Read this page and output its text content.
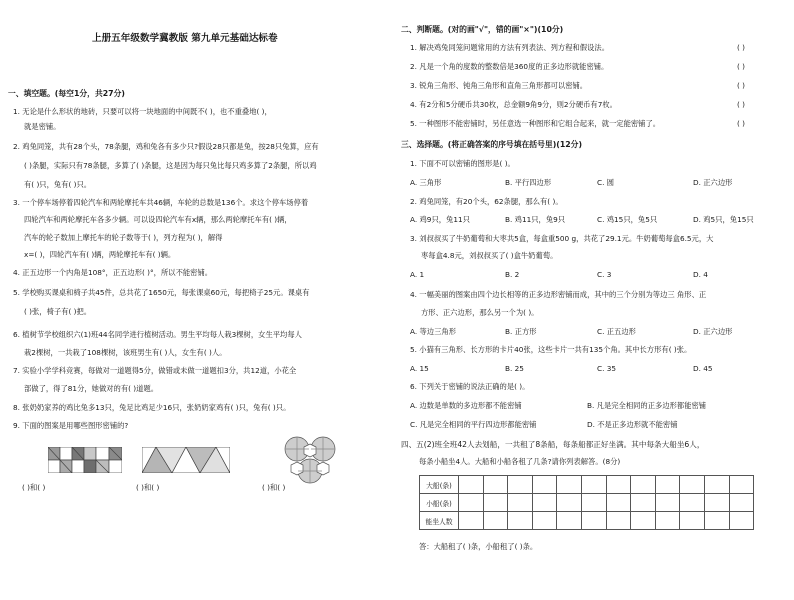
上册五年级数学冀教版 第九单元基础达标卷
一、填空题。(每空1分，共27分)
1. 无论是什么形状的地砖，只要可以将一块地面的中间既不( )，也不重叠地( )，
就是密铺。
2. 鸡兔同笼，共有28个头，78条腿，鸡和兔各有多少只?假设28只都是兔，按28只兔算，应有
( )条腿，实际只有78条腿，多算了( )条腿，这是因为每只兔比每只鸡多算了2条腿，所以鸡
有( )只，兔有( )只。
3. 一个停车场停着四轮汽车和两轮摩托车共46辆，车轮的总数是136个。求这个停车场停着
四轮汽车和两轮摩托车各多少辆。可以设四轮汽车有x辆，那么两轮摩托车有( )辆，
汽车的轮子数加上摩托车的轮子数等于( )，列方程为( )，解得
x=( )，四轮汽车有( )辆，两轮摩托车有( )辆。
4. 正五边形一个内角是108°，正五边形( )°，所以不能密铺。
5. 学校购买课桌和椅子共45件，总共花了1650元，每张课桌60元，每把椅子25元。课桌有
( )张，椅子有( )把。
6. 植树节学校组织六(1)班44名同学进行植树活动。男生平均每人栽3棵树，女生平均每人
栽2棵树，一共栽了108棵树，该班男生有( )人，女生有( )人。
7. 实验小学学科竞赛，每做对一道题得5分，做错或未做一道题扣3分，共12道，小花全
部做了，得了81分，她做对的有( )道题。
8. 张奶奶家养的鸡比兔多13只，兔足比鸡足少16只，张奶奶家鸡有( )只，兔有( )只。
9. 下面的图案是用哪些图形密铺的?
( )和( )	( )和( )	( )和( )
二、判断题。(对的画"√"，错的画"×")(10分)
1. 解决鸡兔同笼问题常用的方法有列表法、列方程和假设法。	( )
2. 凡是一个角的度数的整数倍是360度的正多边形就能密铺。	( )
3. 锐角三角形、钝角三角形和直角三角形都可以密铺。	( )
4. 有2分和5分硬币共30枚，总金额9角9分，则2分硬币有7枚。	( )
5. 一种图形不能密铺时，另任意选一种图形和它组合起来，就一定能密铺了。	( )
三、选择题。(将正确答案的序号填在括号里)(12分)
1. 下面不可以密铺的图形是( )。
A. 三角形	B. 平行四边形	C. 圆	D. 正六边形
2. 鸡兔同笼，有20个头，62条腿，那么有( )。
A. 鸡9只，兔11只	B. 鸡11只，兔9只	C. 鸡15只，兔5只	D. 鸡5只，兔15只
3. 刘叔叔买了牛奶葡萄和大枣共5盒，每盒重500 g，共花了29.1元。牛奶葡萄每盒6.5元，大
枣每盒4.8元，刘叔叔买了( )盒牛奶葡萄。
A. 1	B. 2	C. 3	D. 4
4. 一幅美丽的图案由四个边长相等的正多边形密铺而成，其中的三个分别为等边三 角形、正
方形、正六边形，那么另一个为( )。
A. 等边三角形	B. 正方形	C. 正五边形	D. 正六边形
5. 小猫有三角形、长方形的卡片40张，这些卡片一共有135个角。其中长方形有( )张。
A. 15	B. 25	C. 35	D. 45
6. 下列关于密铺的说法正确的是( )。
A. 边数是单数的多边形都不能密铺	B. 凡是完全相同的正多边形都能密铺
C. 凡是完全相同的平行四边形都能密铺	D. 不是正多边形就不能密铺
四、五(2)班全班42人去划船，一共租了8条船，每条船都正好坐满。其中每条大船坐6人，
每条小船坐4人。大船和小船各租了几条?请你列表解答。(8分)
大船(条)												
小船(条)												
能坐人数												
答：大船租了( )条，小船租了( )条。
